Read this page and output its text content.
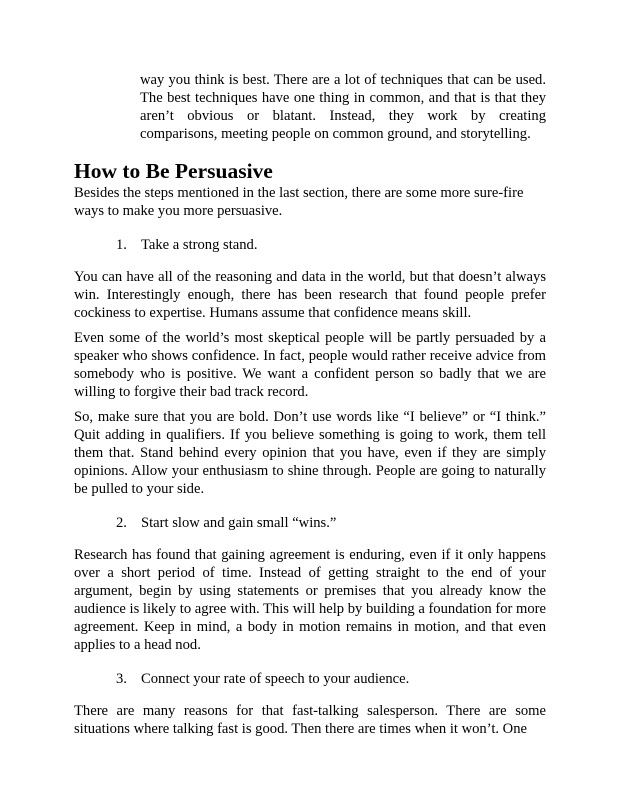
way you think is best. There are a lot of techniques that can be used. The best techniques have one thing in common, and that is that they aren’t obvious or blatant. Instead, they work by creating comparisons, meeting people on common ground, and storytelling.
How to Be Persuasive

Besides the steps mentioned in the last section, there are some more sure-fire ways to make you more persuasive.

1. Take a strong stand.

You can have all of the reasoning and data in the world, but that doesn’t always win. Interestingly enough, there has been research that found people prefer cockiness to expertise. Humans assume that confidence means skill.

Even some of the world’s most skeptical people will be partly persuaded by a speaker who shows confidence. In fact, people would rather receive advice from somebody who is positive. We want a confident person so badly that we are willing to forgive their bad track record.

So, make sure that you are bold. Don’t use words like “I believe” or “I think.” Quit adding in qualifiers. If you believe something is going to work, them tell them that. Stand behind every opinion that you have, even if they are simply opinions. Allow your enthusiasm to shine through. People are going to naturally be pulled to your side.

2. Start slow and gain small “wins.”

Research has found that gaining agreement is enduring, even if it only happens over a short period of time. Instead of getting straight to the end of your argument, begin by using statements or premises that you already know the audience is likely to agree with. This will help by building a foundation for more agreement. Keep in mind, a body in motion remains in motion, and that even applies to a head nod.

3. Connect your rate of speech to your audience.

There are many reasons for that fast-talking salesperson. There are some situations where talking fast is good. Then there are times when it won’t. One
